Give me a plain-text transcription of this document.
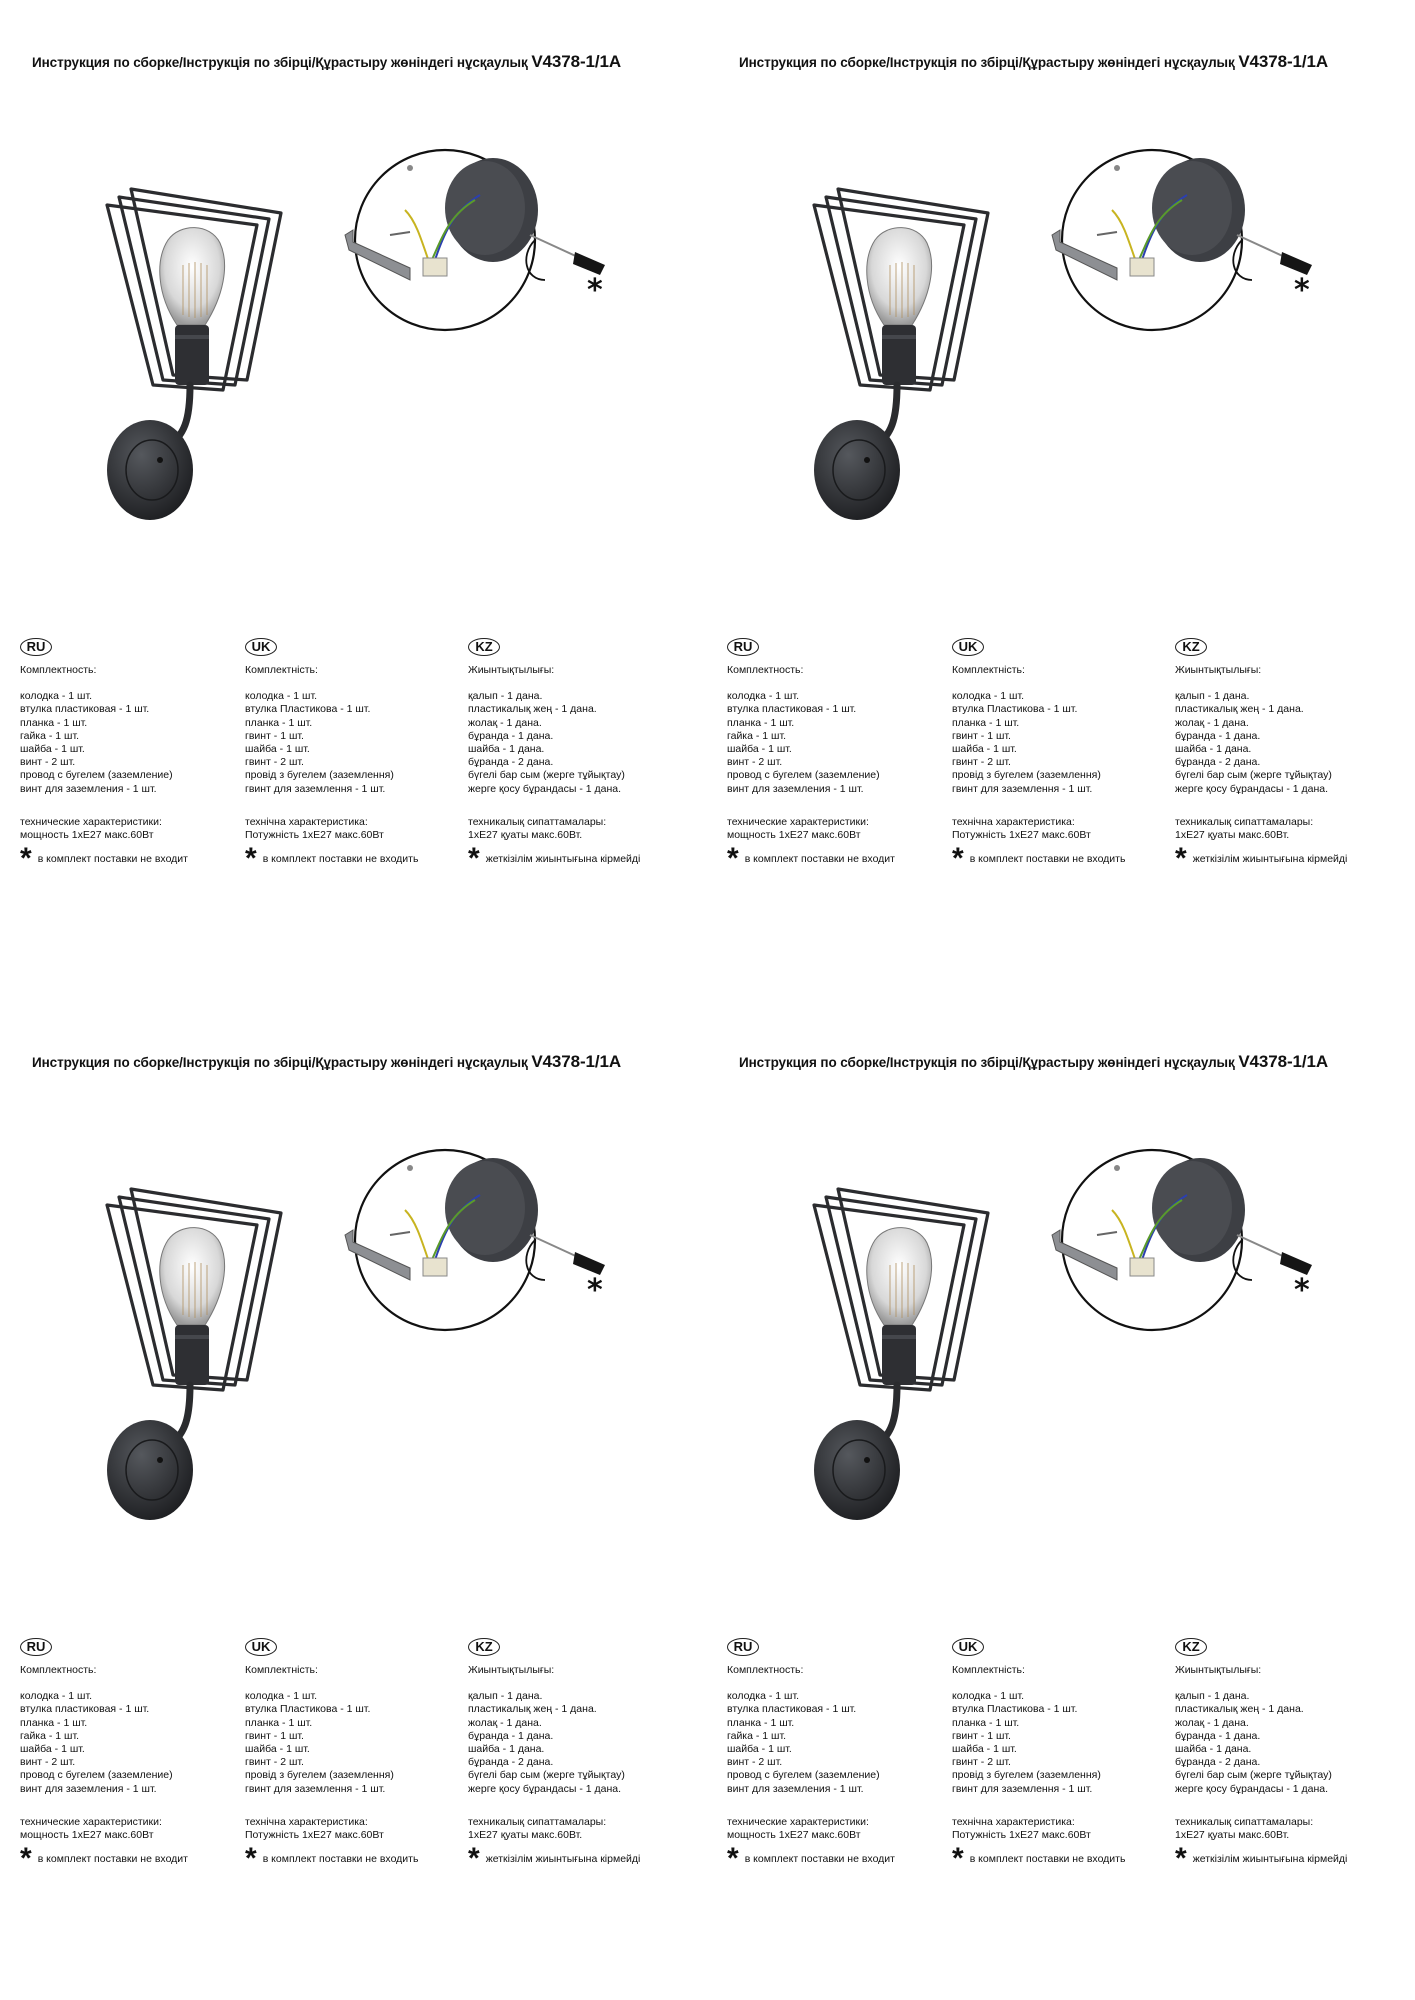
Инструкция по сборке/Інструкція по збірці/Құрастыру жөніндегі нұсқаулық V4378-1/1A
*
RU
Комплектность:
колодка - 1 шт.
втулка пластиковая - 1 шт.
планка - 1 шт.
гайка - 1 шт.
шайба - 1 шт.
винт - 2 шт.
провод с бугелем (заземление)
винт для заземления - 1 шт.
технические характеристики:
мощность 1хЕ27 макс.60Вт
* в комплект поставки не входит
UK
Комплектність:
колодка - 1 шт.
втулка Пластикова - 1 шт.
планка - 1 шт.
гвинт - 1 шт.
шайба - 1 шт.
гвинт - 2 шт.
провід з бугелем (заземлення)
гвинт для заземлення - 1 шт.
технічна характеристика:
Потужність 1хЕ27 макс.60Вт
* в комплект поставки не входить
KZ
Жиынтықтылығы:
қалып - 1 дана.
пластикалық жең - 1 дана.
жолақ - 1 дана.
бұранда - 1 дана.
шайба - 1 дана.
бұранда - 2 дана.
бүгелі бар сым (жерге тұйықтау)
жерге қосу бұрандасы - 1 дана.
техникалық сипаттамалары:
1хЕ27 қуаты макс.60Вт.
* жеткізілім жиынтығына кірмейді
Инструкция по сборке/Інструкція по збірці/Құрастыру жөніндегі нұсқаулық V4378-1/1A
*
RU
Комплектность:
колодка - 1 шт.
втулка пластиковая - 1 шт.
планка - 1 шт.
гайка - 1 шт.
шайба - 1 шт.
винт - 2 шт.
провод с бугелем (заземление)
винт для заземления - 1 шт.
технические характеристики:
мощность 1хЕ27 макс.60Вт
* в комплект поставки не входит
UK
Комплектність:
колодка - 1 шт.
втулка Пластикова - 1 шт.
планка - 1 шт.
гвинт - 1 шт.
шайба - 1 шт.
гвинт - 2 шт.
провід з бугелем (заземлення)
гвинт для заземлення - 1 шт.
технічна характеристика:
Потужність 1хЕ27 макс.60Вт
* в комплект поставки не входить
KZ
Жиынтықтылығы:
қалып - 1 дана.
пластикалық жең - 1 дана.
жолақ - 1 дана.
бұранда - 1 дана.
шайба - 1 дана.
бұранда - 2 дана.
бүгелі бар сым (жерге тұйықтау)
жерге қосу бұрандасы - 1 дана.
техникалық сипаттамалары:
1хЕ27 қуаты макс.60Вт.
* жеткізілім жиынтығына кірмейді
Инструкция по сборке/Інструкція по збірці/Құрастыру жөніндегі нұсқаулық V4378-1/1A
*
RU
Комплектность:
колодка - 1 шт.
втулка пластиковая - 1 шт.
планка - 1 шт.
гайка - 1 шт.
шайба - 1 шт.
винт - 2 шт.
провод с бугелем (заземление)
винт для заземления - 1 шт.
технические характеристики:
мощность 1хЕ27 макс.60Вт
* в комплект поставки не входит
UK
Комплектність:
колодка - 1 шт.
втулка Пластикова - 1 шт.
планка - 1 шт.
гвинт - 1 шт.
шайба - 1 шт.
гвинт - 2 шт.
провід з бугелем (заземлення)
гвинт для заземлення - 1 шт.
технічна характеристика:
Потужність 1хЕ27 макс.60Вт
* в комплект поставки не входить
KZ
Жиынтықтылығы:
қалып - 1 дана.
пластикалық жең - 1 дана.
жолақ - 1 дана.
бұранда - 1 дана.
шайба - 1 дана.
бұранда - 2 дана.
бүгелі бар сым (жерге тұйықтау)
жерге қосу бұрандасы - 1 дана.
техникалық сипаттамалары:
1хЕ27 қуаты макс.60Вт.
* жеткізілім жиынтығына кірмейді
Инструкция по сборке/Інструкція по збірці/Құрастыру жөніндегі нұсқаулық V4378-1/1A
*
RU
Комплектность:
колодка - 1 шт.
втулка пластиковая - 1 шт.
планка - 1 шт.
гайка - 1 шт.
шайба - 1 шт.
винт - 2 шт.
провод с бугелем (заземление)
винт для заземления - 1 шт.
технические характеристики:
мощность 1хЕ27 макс.60Вт
* в комплект поставки не входит
UK
Комплектність:
колодка - 1 шт.
втулка Пластикова - 1 шт.
планка - 1 шт.
гвинт - 1 шт.
шайба - 1 шт.
гвинт - 2 шт.
провід з бугелем (заземлення)
гвинт для заземлення - 1 шт.
технічна характеристика:
Потужність 1хЕ27 макс.60Вт
* в комплект поставки не входить
KZ
Жиынтықтылығы:
қалып - 1 дана.
пластикалық жең - 1 дана.
жолақ - 1 дана.
бұранда - 1 дана.
шайба - 1 дана.
бұранда - 2 дана.
бүгелі бар сым (жерге тұйықтау)
жерге қосу бұрандасы - 1 дана.
техникалық сипаттамалары:
1хЕ27 қуаты макс.60Вт.
* жеткізілім жиынтығына кірмейді
